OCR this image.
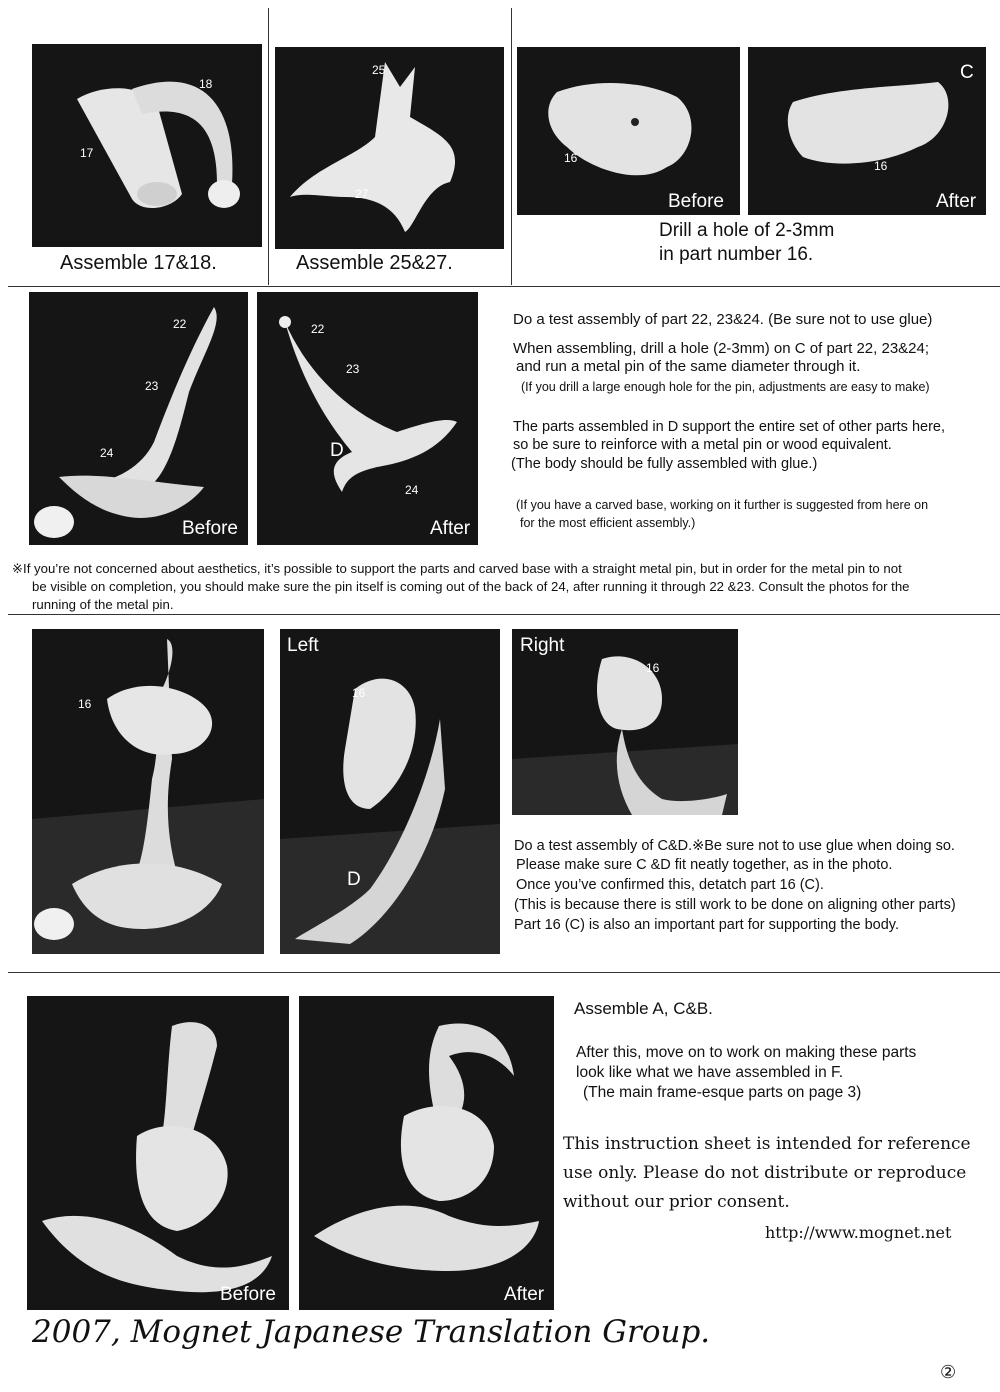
18
17
Assemble 17&18.
25
27
Assemble 25&27.
16
Before
C
16
After
Drill a hole of 2-3mm
in part number 16.
22
23
24
Before
22
23
D
24
After
Do a test assembly of part 22, 23&24. (Be sure not to use glue)
When assembling, drill a hole (2-3mm) on C of part 22, 23&24;
and run a metal pin of the same diameter through it.
(If you drill a large enough hole for the pin, adjustments are easy to make)
The parts assembled in D support the entire set of other parts here,
so be sure to reinforce with a metal pin or wood equivalent.
(The body should be fully assembled with glue.)
(If you have a carved base, working on it further is suggested from here on
for the most efficient assembly.)
※If you’re not concerned about aesthetics, it’s possible to support the parts and carved base with a straight metal pin, but in order for the metal pin to not
be visible on completion, you should make sure the pin itself is coming out of the back of 24, after running it through 22 &23. Consult the photos for the
running of the metal pin.
16
Left
16
D
Right
16
Do a test assembly of C&D.※Be sure not to use glue when doing so.
Please make sure C &D fit neatly together, as in the photo.
Once you’ve confirmed this, detatch part 16 (C).
(This is because there is still work to be done on aligning other parts)
Part 16 (C) is also an important part for supporting the body.
Before	After
Assemble A, C&B.
After this, move on to work on making these parts
look like what we have assembled in F.
(The main frame-esque parts on page 3)
This instruction sheet is intended for reference
use only. Please do not distribute or reproduce
without our prior consent.
http://www.mognet.net
2007, Mognet Japanese Translation Group.
②
